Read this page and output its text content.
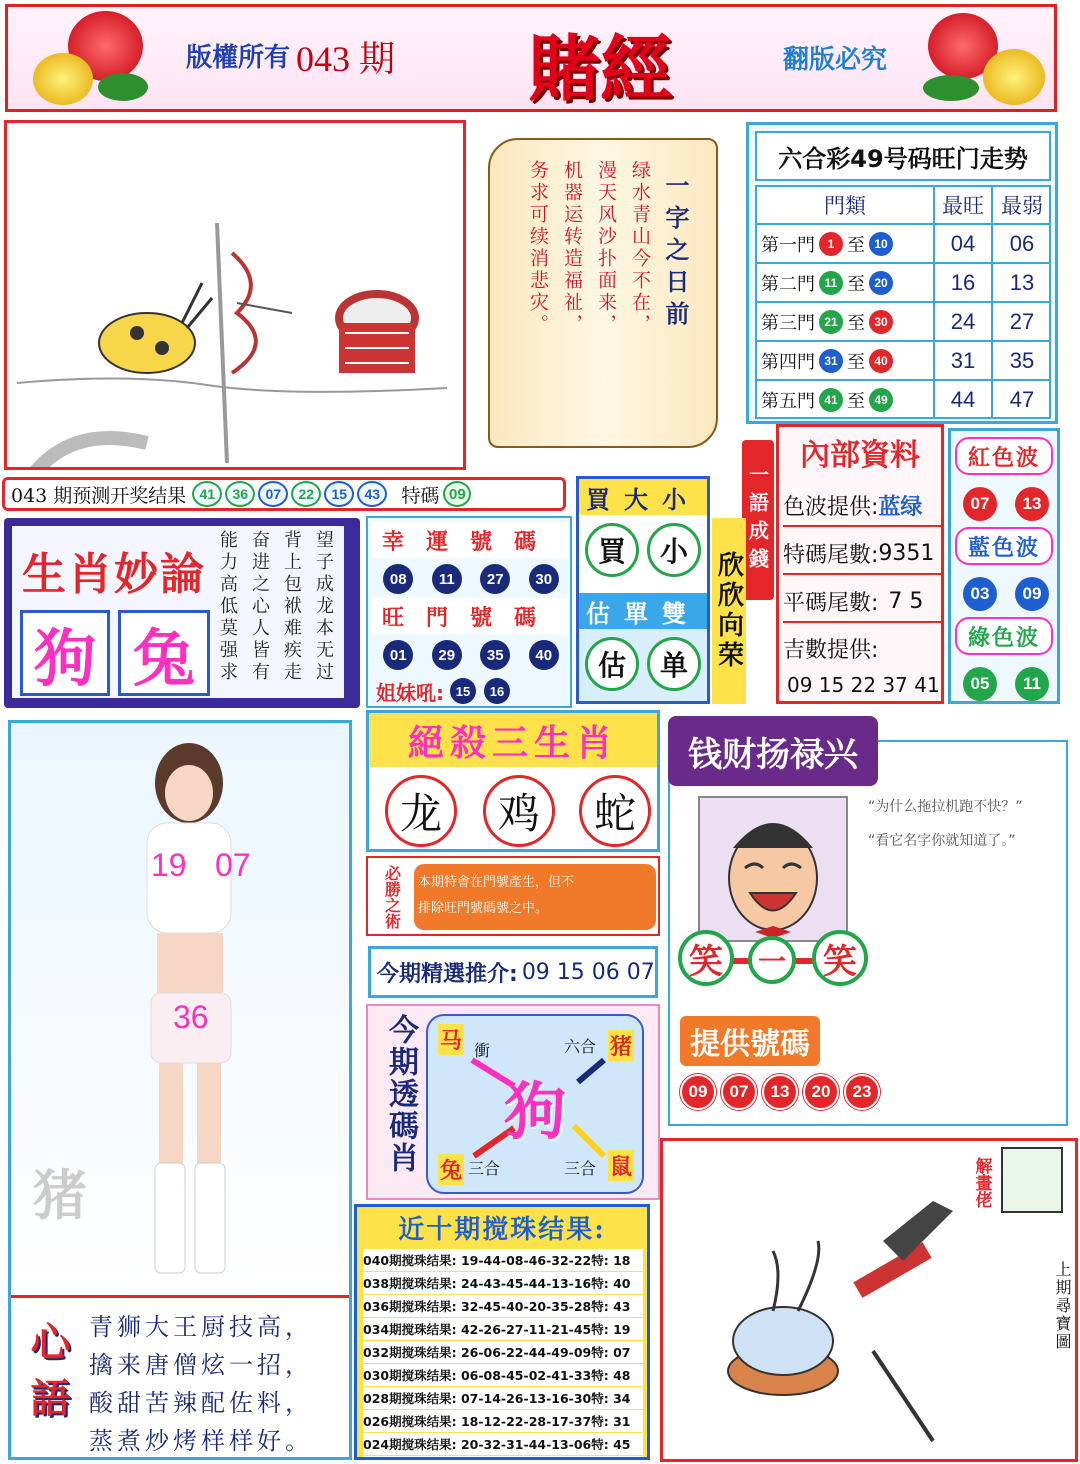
版權所有 043 期 賭經	翻版必究
一字之日前
绿水青山今不在，
漫天风沙扑面来，
机器运转造福祉，
务求可续消悲灾。
六合彩49号码旺门走势
門類	最旺 最弱
第一門	1 至 10	04	06
第二門 11 至 20	16	13
第三門 21 至 30	24	27
第四門 31 至 40	31	35
第五門 41 至 49	44	47
043 期预测开奖结果 41	36	07	22	15	43	特碼 09
生肖妙論
狗 兔	能力高低莫强求 奋进之心人皆有 背上包袱难疾走 望子成龙本无过	幸運號碼
08	11	27	30
旺門號碼
01	29	35	40
姐妹吼: 15	16
買大小
買	小
估單雙
估	单
一語成錢
欣欣向荣
內部資料
色波提供: 蓝绿
特碼尾數: 9351
平碼尾數: 7 5
吉數提供:
09 15 22 37 41
紅色波
07	13
藍色波
03	09
綠色波
05	11
19 07
36
猪
心語 青狮大王厨技高，
擒来唐僧炫一招，
酸甜苦辣配佐料，
蒸煮炒烤样样好。
絕殺三生肖
龙	鸡	蛇
必勝之術	本期特會在門號產生，但不
排除旺門號碼號之中。
今期精選推介: 09 15 06 07
今期透碼肖 狗
马 衝	六合 猪
兔 三合	三合 鼠
近十期搅珠结果:
040期搅珠结果: 19-44-08-46-32-22特: 18
038期搅珠结果: 24-43-45-44-13-16特: 40
036期搅珠结果: 32-45-40-20-35-28特: 43
034期搅珠结果: 42-26-27-11-21-45特: 19
032期搅珠结果: 26-06-22-44-49-09特: 07
030期搅珠结果: 06-08-45-02-41-33特: 48
028期搅珠结果: 07-14-26-13-16-30特: 34
026期搅珠结果: 18-12-22-28-17-37特: 31
024期搅珠结果: 20-32-31-44-13-06特: 45
钱财扬禄兴
“为什么拖拉机跑不快？”
“看它名字你就知道了。”
笑	一	笑
提供號碼
09	07	13	20	23
解畫佬
上期尋寶圖
